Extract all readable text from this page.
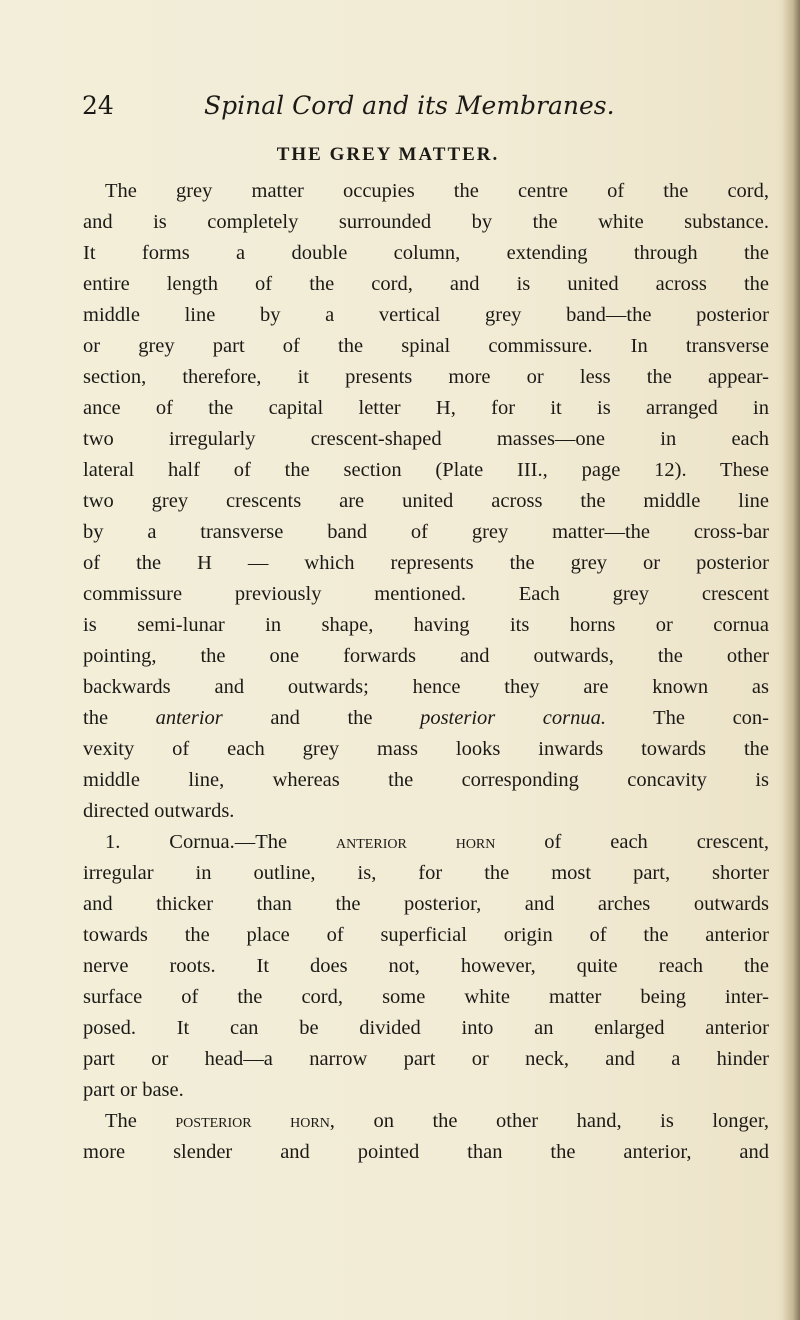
24	Spinal Cord and its Membranes.
THE GREY MATTER.
The grey matter occupies the centre of the cord,
and is completely surrounded by the white substance.
It forms a double column, extending through the
entire length of the cord, and is united across the
middle line by a vertical grey band—the posterior
or grey part of the spinal commissure. In transverse
section, therefore, it presents more or less the appear-
ance of the capital letter H, for it is arranged in
two irregularly crescent-shaped masses—one in each
lateral half of the section (Plate III., page 12). These
two grey crescents are united across the middle line
by a transverse band of grey matter—the cross-bar
of the H — which represents the grey or posterior
commissure previously mentioned. Each grey crescent
is semi-lunar in shape, having its horns or cornua
pointing, the one forwards and outwards, the other
backwards and outwards; hence they are known as
the anterior and the posterior cornua. The con-
vexity of each grey mass looks inwards towards the
middle line, whereas the corresponding concavity is
directed outwards.
1. Cornua.—The anterior horn of each crescent,
irregular in outline, is, for the most part, shorter
and thicker than the posterior, and arches outwards
towards the place of superficial origin of the anterior
nerve roots. It does not, however, quite reach the
surface of the cord, some white matter being inter-
posed. It can be divided into an enlarged anterior
part or head—a narrow part or neck, and a hinder
part or base.
The posterior horn, on the other hand, is longer,
more slender and pointed than the anterior, and
